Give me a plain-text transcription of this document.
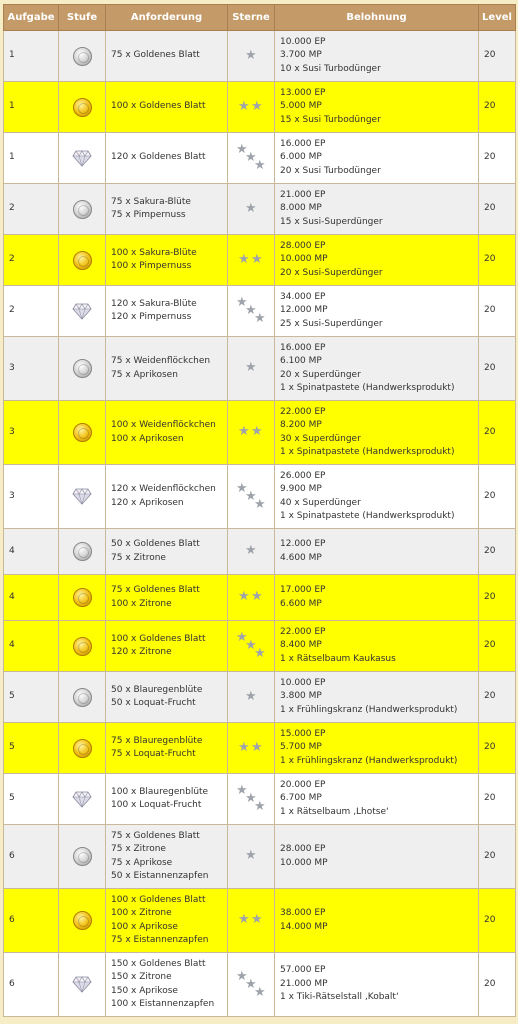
Aufgabe	Stufe	Anforderung	Sterne	Belohnung	Level
1		75 x Goldenes Blatt	★	10.000 EP
3.700 MP
10 x Susi Turbodünger	20
1		100 x Goldenes Blatt	★ ★	13.000 EP
5.000 MP
15 x Susi Turbodünger	20
1		120 x Goldenes Blatt	★
★
★	16.000 EP
6.000 MP
20 x Susi Turbodünger	20
2		75 x Sakura-Blüte
75 x Pimpernuss	★	21.000 EP
8.000 MP
15 x Susi-Superdünger	20
2		100 x Sakura-Blüte
100 x Pimpernuss	★ ★	28.000 EP
10.000 MP
20 x Susi-Superdünger	20
2		120 x Sakura-Blüte
120 x Pimpernuss	★
★
★	34.000 EP
12.000 MP
25 x Susi-Superdünger	20
3		75 x Weidenflöckchen
75 x Aprikosen	★	16.000 EP
6.100 MP
20 x Superdünger
1 x Spinatpastete (Handwerksprodukt)	20
3		100 x Weidenflöckchen
100 x Aprikosen	★ ★	22.000 EP
8.200 MP
30 x Superdünger
1 x Spinatpastete (Handwerksprodukt)	20
3		120 x Weidenflöckchen
120 x Aprikosen	★
★
★	26.000 EP
9.900 MP
40 x Superdünger
1 x Spinatpastete (Handwerksprodukt)	20
4		50 x Goldenes Blatt
75 x Zitrone	★	12.000 EP
4.600 MP	20
4		75 x Goldenes Blatt
100 x Zitrone	★ ★	17.000 EP
6.600 MP	20
4		100 x Goldenes Blatt
120 x Zitrone	★
★
★	22.000 EP
8.400 MP
1 x Rätselbaum Kaukasus	20
5		50 x Blauregenblüte
50 x Loquat-Frucht	★	10.000 EP
3.800 MP
1 x Frühlingskranz (Handwerksprodukt)	20
5		75 x Blauregenblüte
75 x Loquat-Frucht	★ ★	15.000 EP
5.700 MP
1 x Frühlingskranz (Handwerksprodukt)	20
5		100 x Blauregenblüte
100 x Loquat-Frucht	★
★
★	20.000 EP
6.700 MP
1 x Rätselbaum ‚Lhotse‘	20
6		75 x Goldenes Blatt
75 x Zitrone
75 x Aprikose
50 x Eistannenzapfen	★	28.000 EP
10.000 MP	20
6		100 x Goldenes Blatt
100 x Zitrone
100 x Aprikose
75 x Eistannenzapfen	★ ★	38.000 EP
14.000 MP	20
6		150 x Goldenes Blatt
150 x Zitrone
150 x Aprikose
100 x Eistannenzapfen	★
★
★	57.000 EP
21.000 MP
1 x Tiki-Rätselstall ‚Kobalt‘	20
